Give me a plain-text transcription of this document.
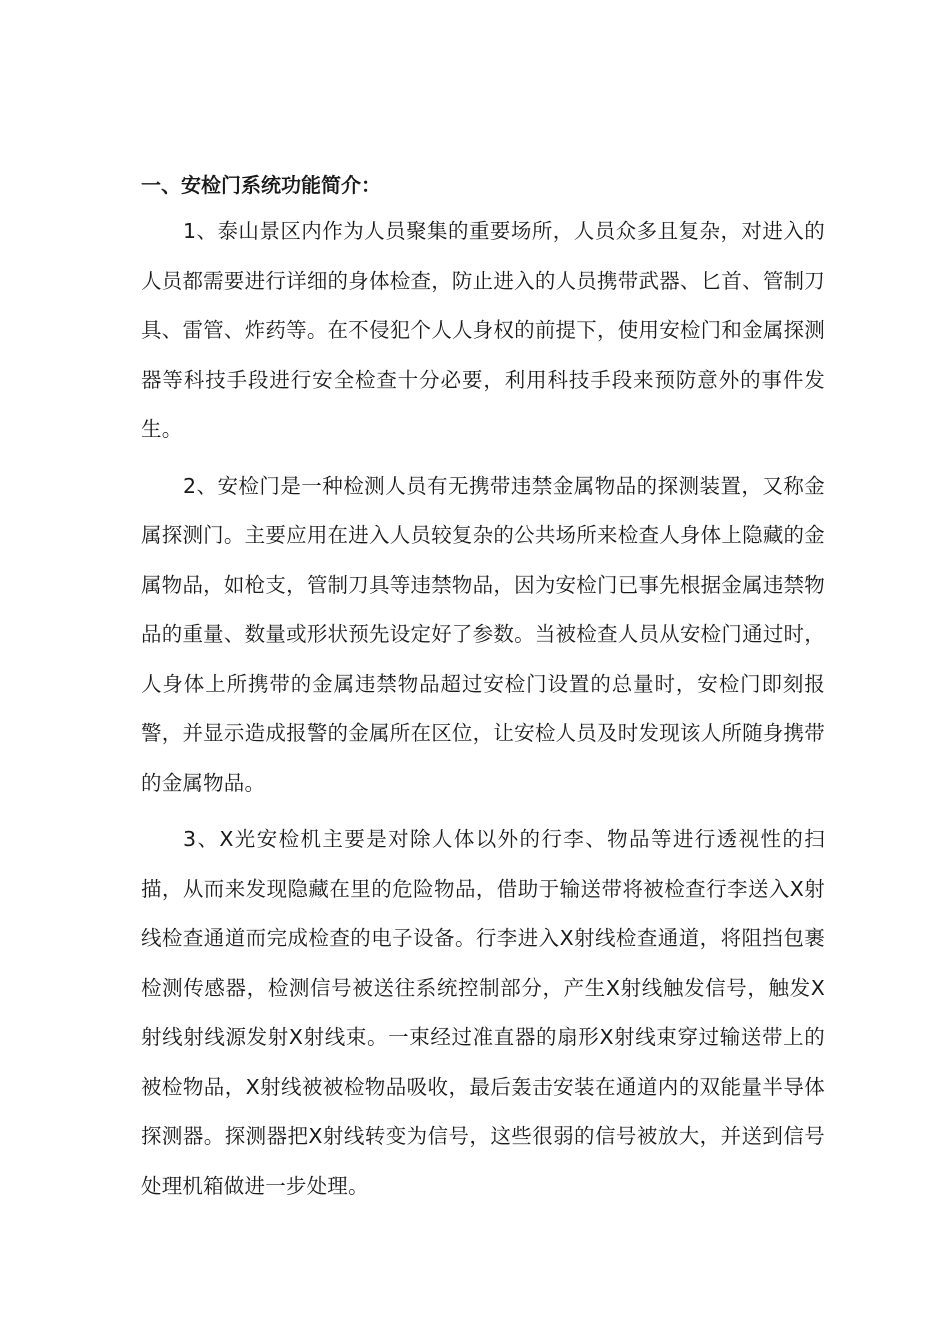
一、安检门系统功能简介：

1、泰山景区内作为人员聚集的重要场所，人员众多且复杂，对进入的人员都需要进行详细的身体检查，防止进入的人员携带武器、匕首、管制刀具、雷管、炸药等。在不侵犯个人人身权的前提下，使用安检门和金属探测器等科技手段进行安全检查十分必要，利用科技手段来预防意外的事件发生。

2、安检门是一种检测人员有无携带违禁金属物品的探测装置，又称金属探测门。主要应用在进入人员较复杂的公共场所来检查人身体上隐藏的金属物品，如枪支，管制刀具等违禁物品，因为安检门已事先根据金属违禁物品的重量、数量或形状预先设定好了参数。当被检查人员从安检门通过时，人身体上所携带的金属违禁物品超过安检门设置的总量时，安检门即刻报警，并显示造成报警的金属所在区位，让安检人员及时发现该人所随身携带的金属物品。

3、X光安检机主要是对除人体以外的行李、物品等进行透视性的扫描，从而来发现隐藏在里的危险物品，借助于输送带将被检查行李送入X射线检查通道而完成检查的电子设备。行李进入X射线检查通道，将阻挡包裹检测传感器，检测信号被送往系统控制部分，产生X射线触发信号，触发X射线射线源发射X射线束。一束经过准直器的扇形X射线束穿过输送带上的被检物品，X射线被被检物品吸收，最后轰击安装在通道内的双能量半导体探测器。探测器把X射线转变为信号，这些很弱的信号被放大，并送到信号处理机箱做进一步处理。
